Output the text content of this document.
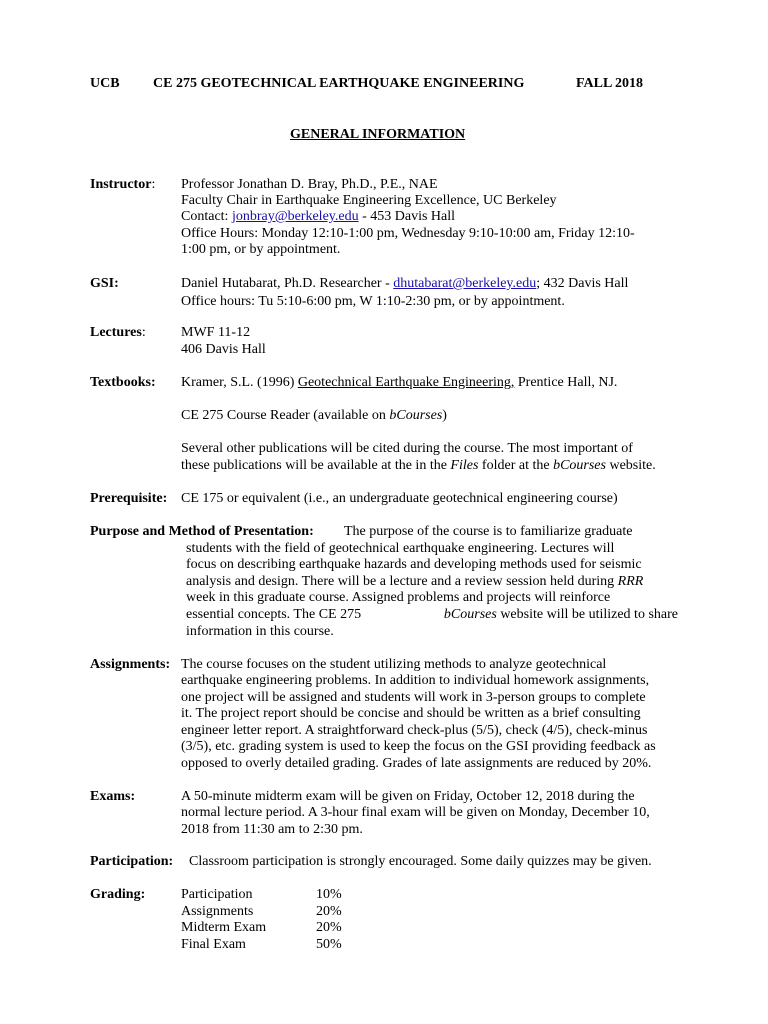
UCB CE 275 GEOTECHNICAL EARTHQUAKE ENGINEERING	FALL 2018
GENERAL INFORMATION
Instructor: Professor Jonathan D. Bray, Ph.D., P.E., NAE
Faculty Chair in Earthquake Engineering Excellence, UC Berkeley
Contact: jonbray@berkeley.edu - 453 Davis Hall
Office Hours: Monday 12:10-1:00 pm, Wednesday 9:10-10:00 am, Friday 12:10-
1:00 pm, or by appointment.
GSI:	Daniel Hutabarat, Ph.D. Researcher - dhutabarat@berkeley.edu; 432 Davis Hall
Office hours: Tu 5:10-6:00 pm, W 1:10-2:30 pm, or by appointment.
Lectures:	MWF 11-12
406 Davis Hall
Textbooks: Kramer, S.L. (1996) Geotechnical Earthquake Engineering, Prentice Hall, NJ.
CE 275 Course Reader (available on bCourses)
Several other publications will be cited during the course. The most important of
these publications will be available at the in the Files folder at the bCourses website.
Prerequisite: CE 175 or equivalent (i.e., an undergraduate geotechnical engineering course)
Purpose and Method of Presentation: The purpose of the course is to familiarize graduate
students with the field of geotechnical earthquake engineering. Lectures will
focus on describing earthquake hazards and developing methods used for seismic
analysis and design. There will be a lecture and a review session held during RRR
week in this graduate course. Assigned problems and projects will reinforce
essential concepts. The CE 275	bCourses website will be utilized to share
information in this course.
Assignments: The course focuses on the student utilizing methods to analyze geotechnical
earthquake engineering problems. In addition to individual homework assignments,
one project will be assigned and students will work in 3-person groups to complete
it. The project report should be concise and should be written as a brief consulting
engineer letter report. A straightforward check-plus (5/5), check (4/5), check-minus
(3/5), etc. grading system is used to keep the focus on the GSI providing feedback as
opposed to overly detailed grading. Grades of late assignments are reduced by 20%.
Exams:	A 50-minute midterm exam will be given on Friday, October 12, 2018 during the
normal lecture period. A 3-hour final exam will be given on Monday, December 10,
2018 from 11:30 am to 2:30 pm.
Participation: Classroom participation is strongly encouraged. Some daily quizzes may be given.
Grading:	Participation	10%
Assignments	20%
Midterm Exam	20%
Final Exam	50%
